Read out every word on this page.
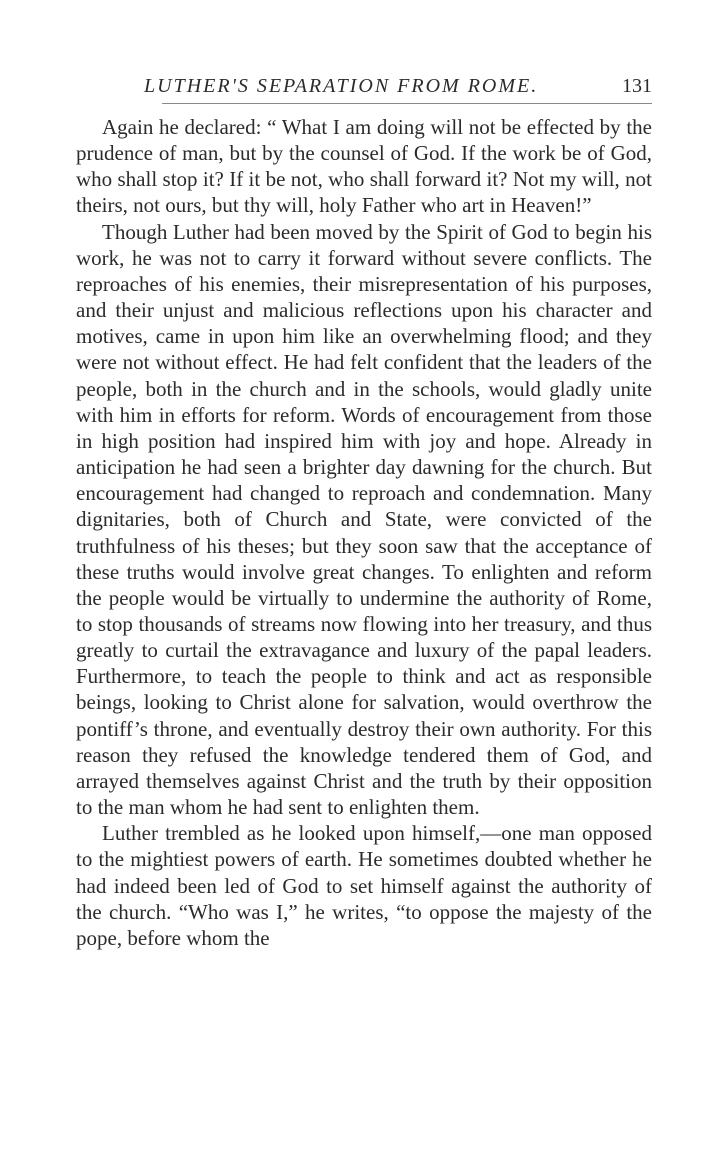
LUTHER'S SEPARATION FROM ROME.	131

Again he declared: “ What I am doing will not be effected by the prudence of man, but by the counsel of God. If the work be of God, who shall stop it? If it be not, who shall forward it? Not my will, not theirs, not ours, but thy will, holy Father who art in Heaven!”

Though Luther had been moved by the Spirit of God to begin his work, he was not to carry it forward without severe conflicts. The reproaches of his enemies, their misrepresentation of his purposes, and their unjust and malicious reflections upon his character and motives, came in upon him like an overwhelming flood; and they were not without effect. He had felt confident that the leaders of the people, both in the church and in the schools, would gladly unite with him in efforts for reform. Words of encouragement from those in high position had inspired him with joy and hope. Already in anticipation he had seen a brighter day dawning for the church. But encouragement had changed to reproach and condemnation. Many dignitaries, both of Church and State, were convicted of the truthfulness of his theses; but they soon saw that the acceptance of these truths would involve great changes. To enlighten and reform the people would be virtually to undermine the authority of Rome, to stop thousands of streams now flowing into her treasury, and thus greatly to curtail the extravagance and luxury of the papal leaders. Furthermore, to teach the people to think and act as responsible beings, looking to Christ alone for salvation, would overthrow the pontiff’s throne, and eventually destroy their own authority. For this reason they refused the knowledge tendered them of God, and arrayed themselves against Christ and the truth by their opposition to the man whom he had sent to enlighten them.

Luther trembled as he looked upon himself,—one man opposed to the mightiest powers of earth. He sometimes doubted whether he had indeed been led of God to set himself against the authority of the church. “Who was I,” he writes, “to oppose the majesty of the pope, before whom the
